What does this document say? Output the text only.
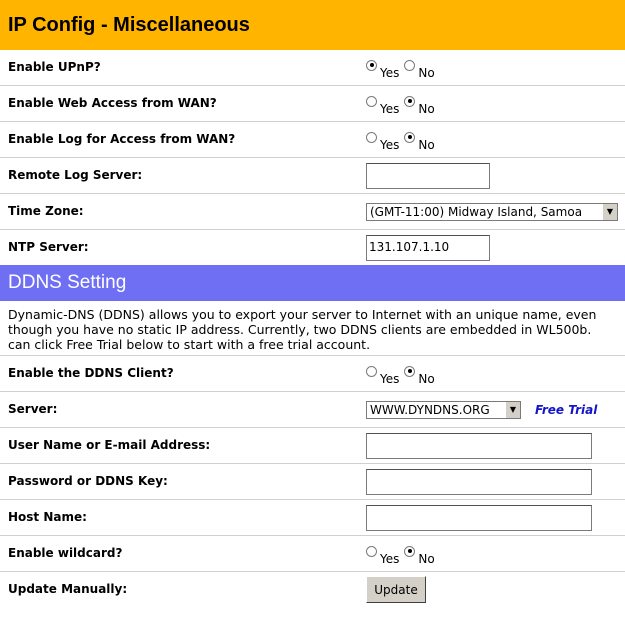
IP Config - Miscellaneous
Enable UPnP?	Yes No
Enable Web Access from WAN?	Yes No
Enable Log for Access from WAN?	Yes No
Remote Log Server:
Time Zone:	(GMT-11:00) Midway Island, Samoa	▼
NTP Server:	131.107.1.10
DDNS Setting
Dynamic-DNS (DDNS) allows you to export your server to Internet with an unique name, even
though you have no static IP address. Currently, two DDNS clients are embedded in WL500b.
can click Free Trial below to start with a free trial account.
Enable the DDNS Client?	Yes No
Server:	WWW.DYNDNS.ORG	▼	Free Trial
User Name or E-mail Address:
Password or DDNS Key:
Host Name:
Enable wildcard?	Yes No
Update Manually:	Update
